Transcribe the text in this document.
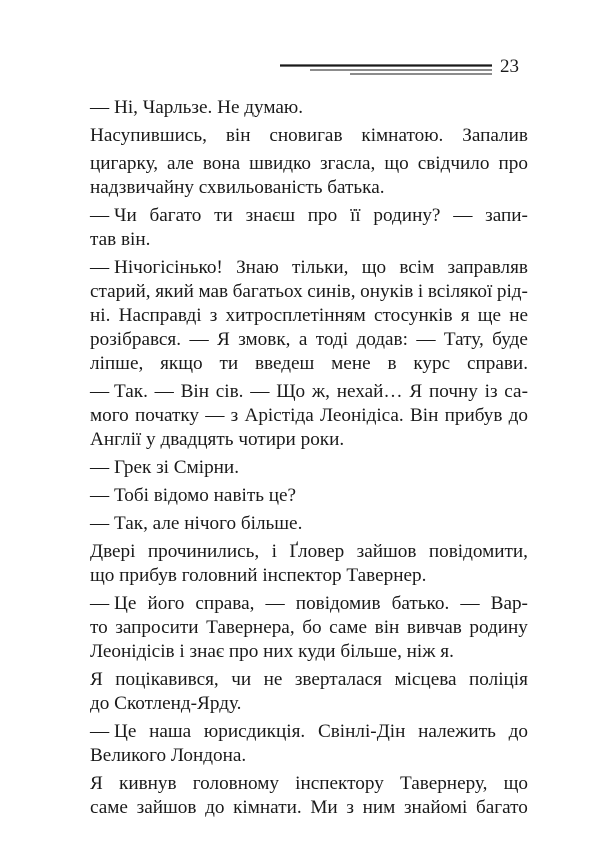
23
— Ні, Чарльзе. Не думаю.
Насупившись, він сновигав кімнатою. Запалив
цигарку, але вона швидко згасла, що свідчило про
надзвичайну схвильованість батька.
— Чи багато ти знаєш про її родину? — запи-
тав він.
— Нічогісінько! Знаю тільки, що всім заправляв
старий, який мав багатьох синів, онуків і всілякої рід-
ні. Насправді з хитросплетінням стосунків я ще не
розібрався. — Я змовк, а тоді додав: — Тату, буде
ліпше, якщо ти введеш мене в курс справи.
— Так. — Він сів. — Що ж, нехай… Я почну із са-
мого початку — з Арістіда Леонідіса. Він прибув до
Англії у двадцять чотири роки.
— Грек зі Смірни.
— Тобі відомо навіть це?
— Так, але нічого більше.
Двері прочинились, і Ґловер зайшов повідомити,
що прибув головний інспектор Тавернер.
— Це його справа, — повідомив батько. — Вар-
то запросити Тавернера, бо саме він вивчав родину
Леонідісів і знає про них куди більше, ніж я.
Я поцікавився, чи не зверталася місцева поліція
до Скотленд-Ярду.
— Це наша юрисдикція. Свінлі-Дін належить до
Великого Лондона.
Я кивнув головному інспектору Тавернеру, що
саме зайшов до кімнати. Ми з ним знайомі багато
